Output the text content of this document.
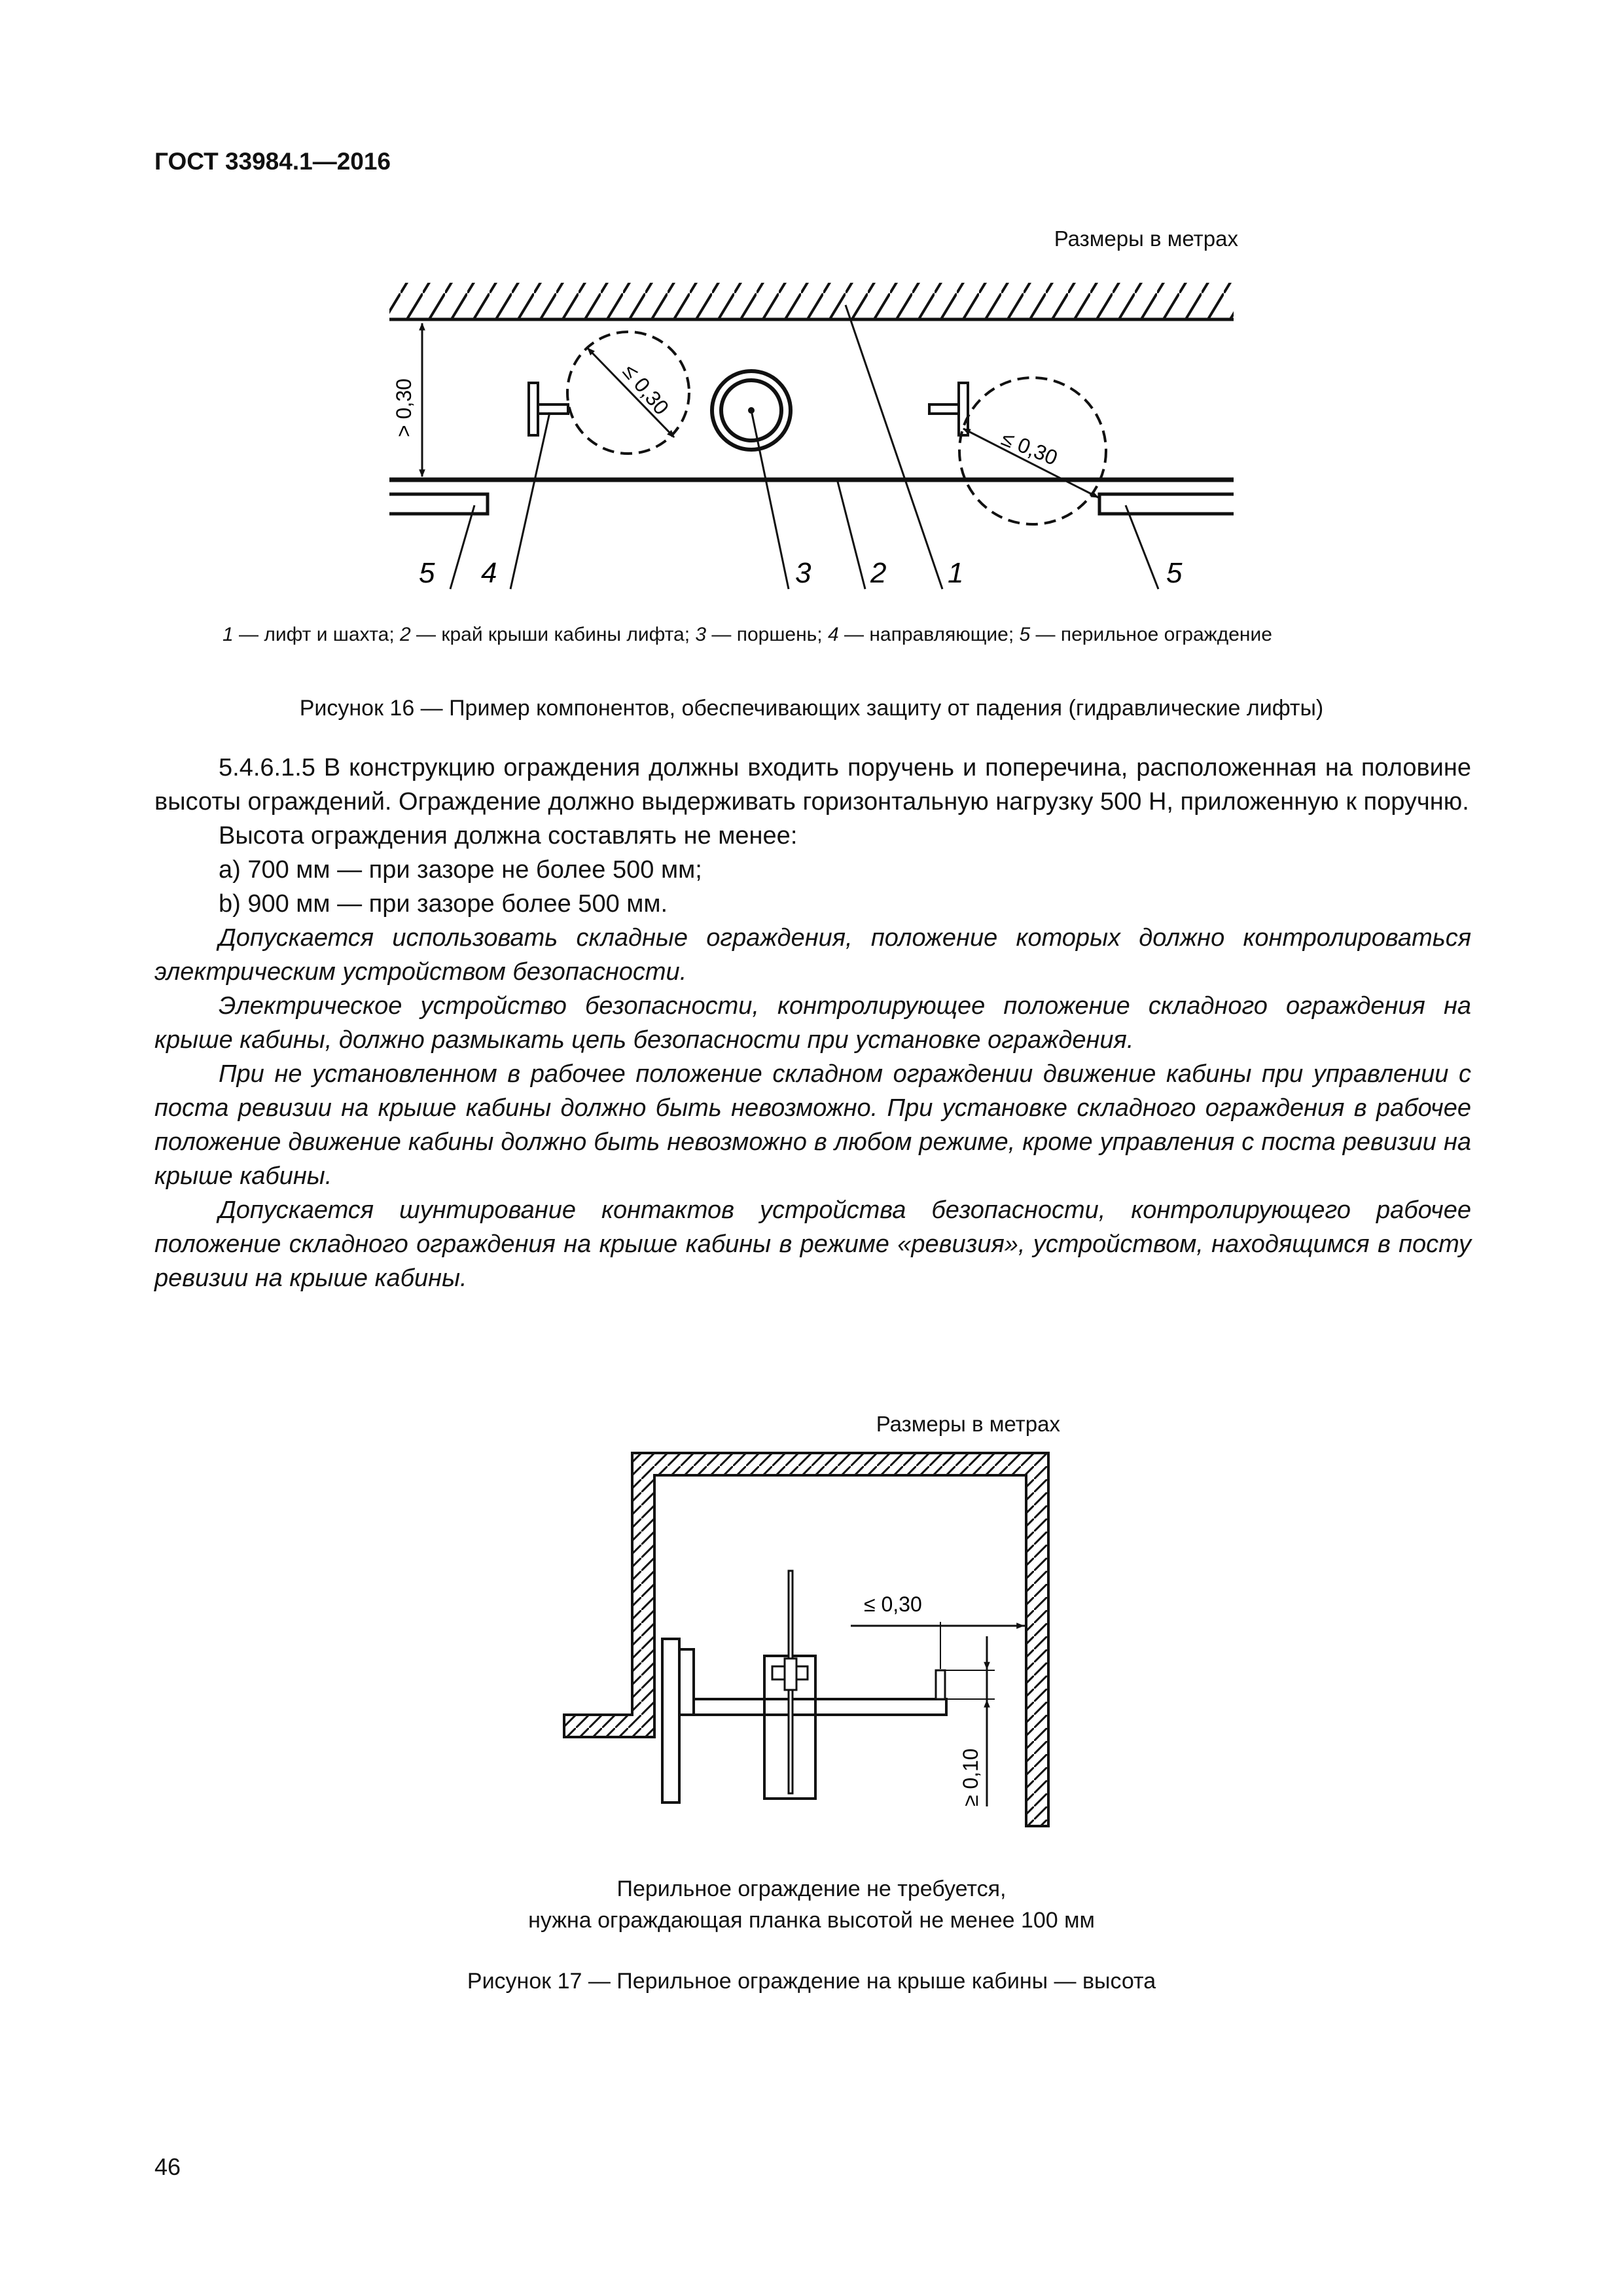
ГОСТ 33984.1—2016
Размеры в метрах
> 0,30	≤ 0,30
≤ 0,30
5 4	3 2 1	5
1 — лифт и шахта; 2 — край крыши кабины лифта; 3 — поршень; 4 — направляющие; 5 — перильное ограждение
Рисунок 16 — Пример компонентов, обеспечивающих защиту от падения (гидравлические лифты)

5.4.6.1.5 В конструкцию ограждения должны входить поручень и поперечина, расположенная на половине высоты ограждений. Ограждение должно выдерживать горизонтальную нагрузку 500 Н, приложенную к поручню.

Высота ограждения должна составлять не менее:

а) 700 мм — при зазоре не более 500 мм;

b) 900 мм — при зазоре более 500 мм.

Допускается использовать складные ограждения, положение которых должно контролироваться электрическим устройством безопасности.

Электрическое устройство безопасности, контролирующее положение складного ограждения на крыше кабины, должно размыкать цепь безопасности при установке ограждения.

При не установленном в рабочее положение складном ограждении движение кабины при управлении с поста ревизии на крыше кабины должно быть невозможно. При установке складного ограждения в рабочее положение движение кабины должно быть невозможно в любом режиме, кроме управления с поста ревизии на крыше кабины.

Допускается шунтирование контактов устройства безопасности, контролирующего рабочее положение складного ограждения на крыше кабины в режиме «ревизия», устройством, находящимся в посту ревизии на крыше кабины.

Размеры в метрах
≤ 0,30
≥ 0,10
Перильное ограждение не требуется,
нужна ограждающая планка высотой не менее 100 мм
Рисунок 17 — Перильное ограждение на крыше кабины — высота
46
